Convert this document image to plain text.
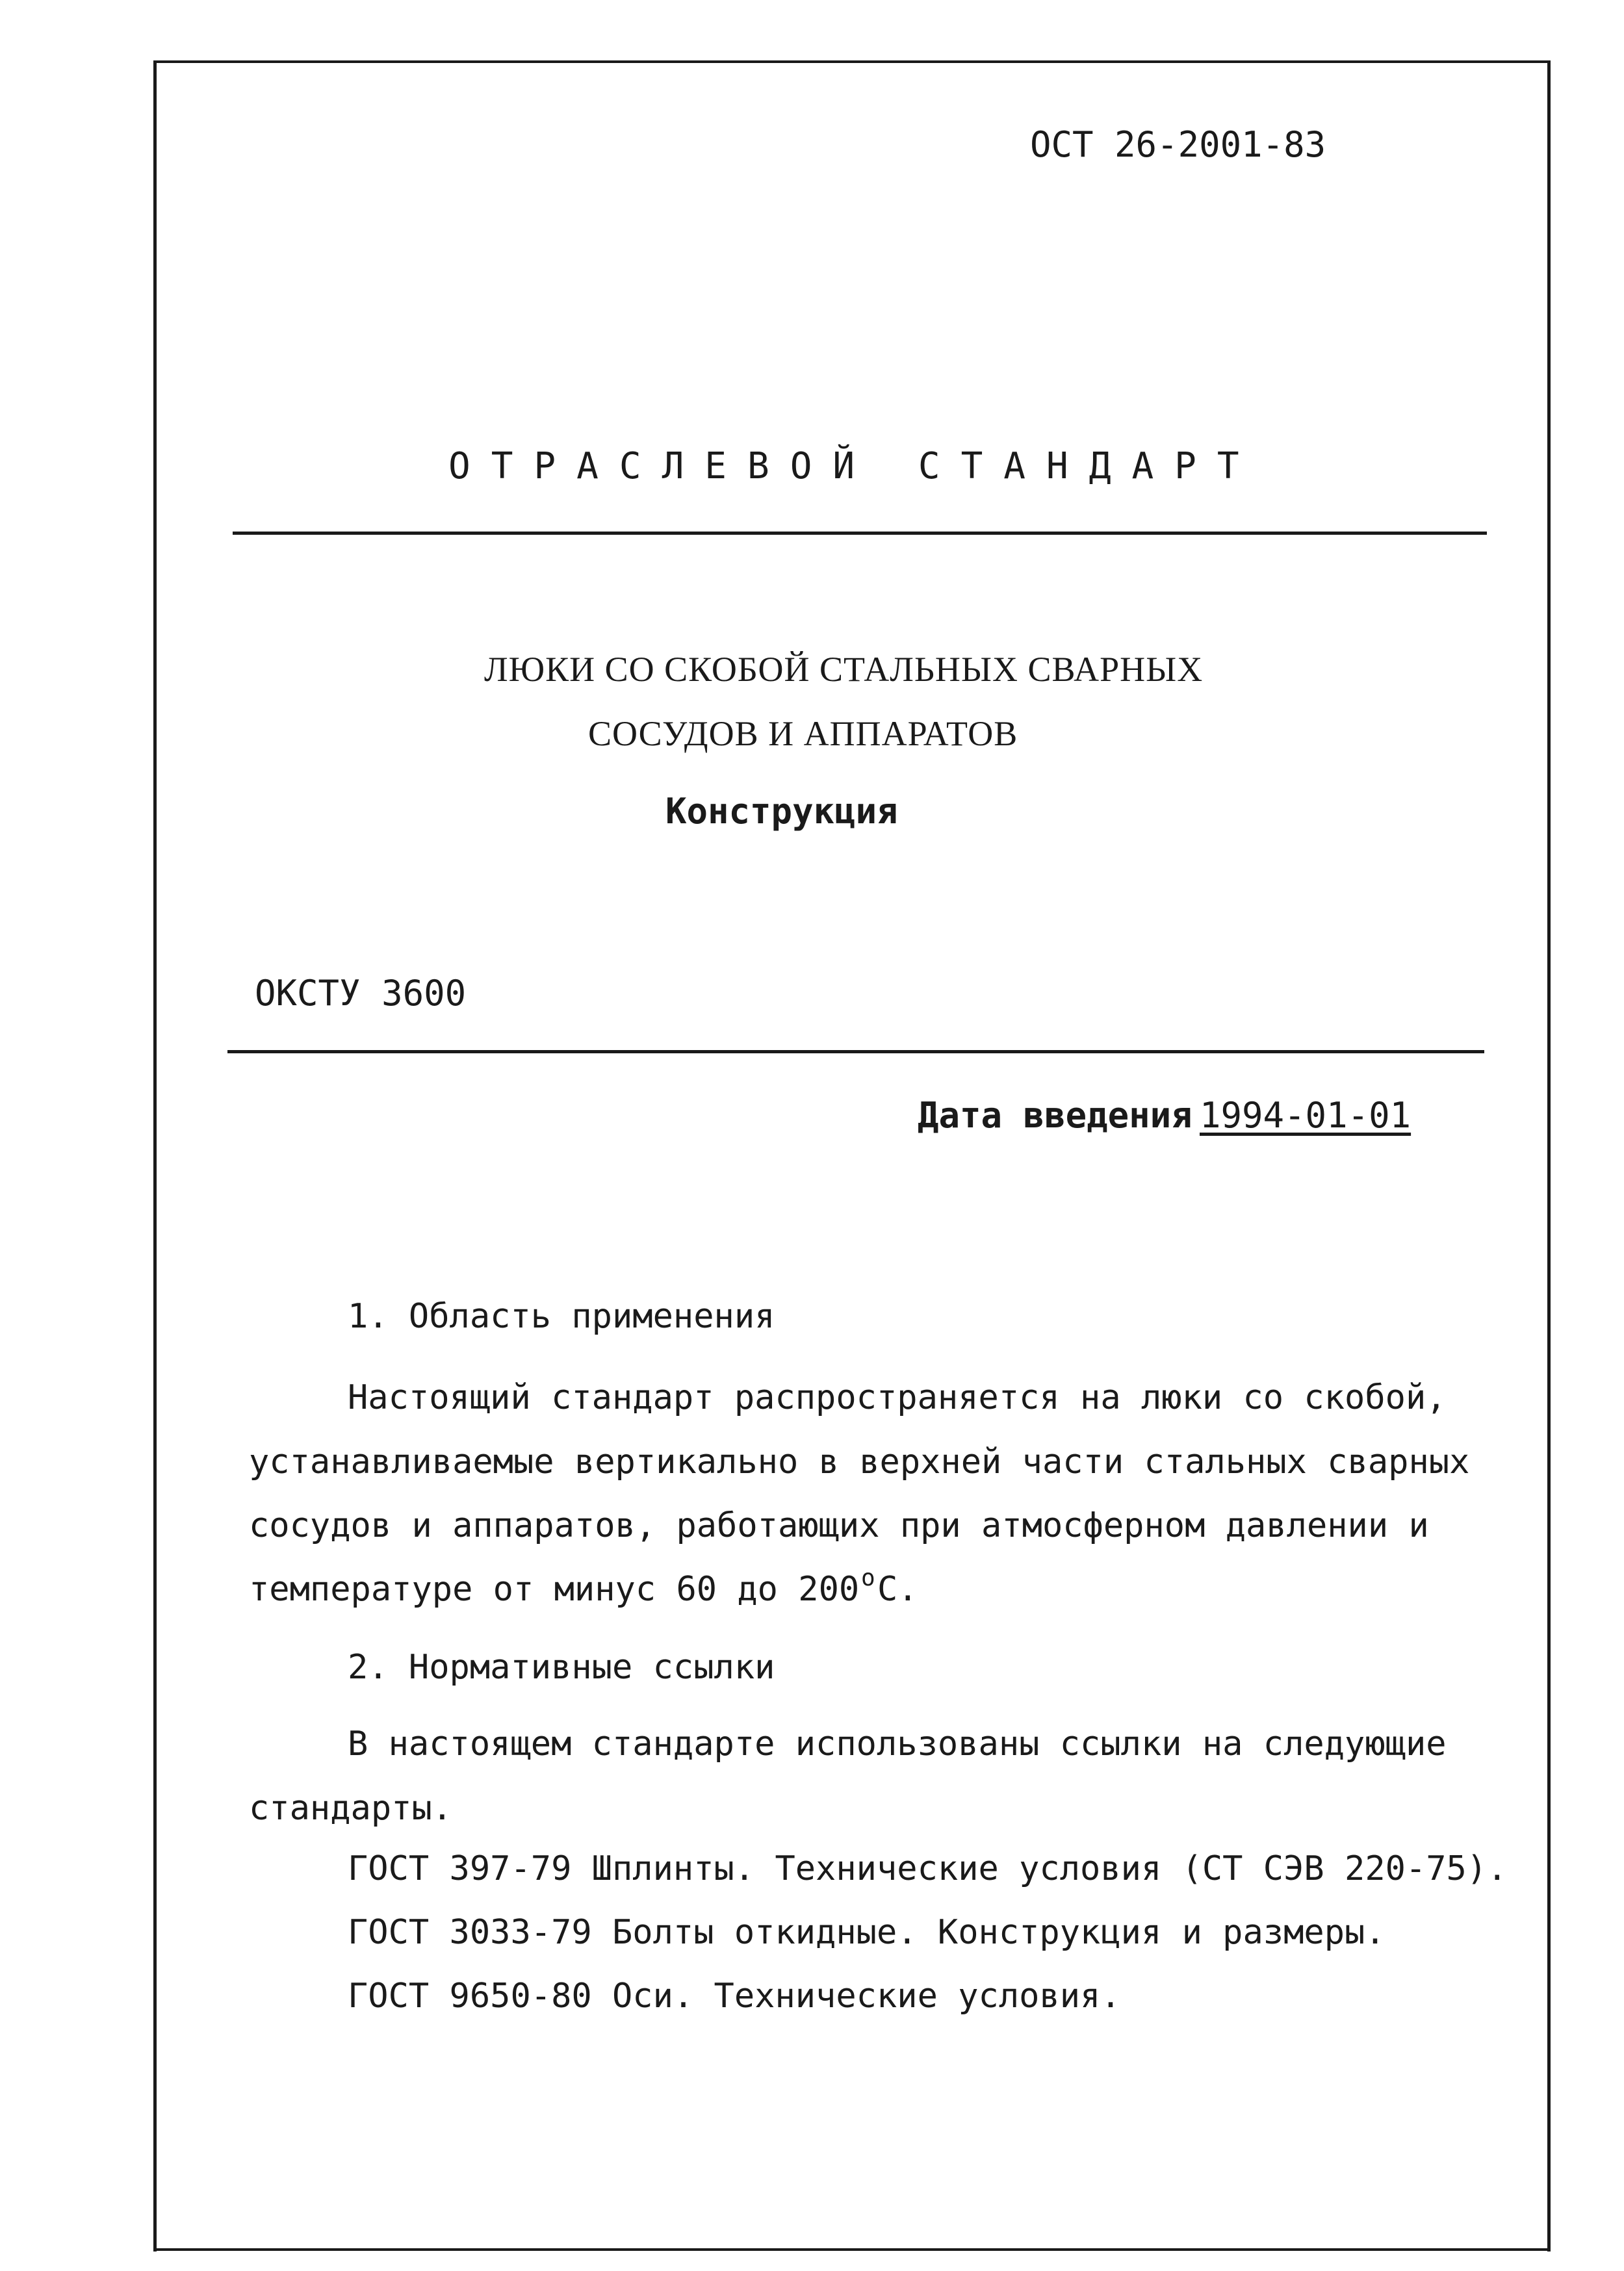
ОСТ 26-2001-83
ОТРАСЛЕВОЙ СТАНДАРТ
ЛЮКИ СО СКОБОЙ СТАЛЬНЫХ СВАРНЫХ
СОСУДОВ И АППАРАТОВ
Конструкция
ОКСТУ 3600
Дата введения 1994-01-01
1. Область применения
Настоящий стандарт распространяется на люки со скобой,
устанавливаемые вертикально в верхней части стальных сварных
сосудов и аппаратов, работающих при атмосферном давлении и
температуре от минус 60 до 200 о С.
2. Нормативные ссылки
В настоящем стандарте использованы ссылки на следующие
стандарты.
ГОСТ 397-79 Шплинты. Технические условия (СТ СЭВ 220-75).
ГОСТ 3033-79 Болты откидные. Конструкция и размеры.
ГОСТ 9650-80 Оси. Технические условия.
